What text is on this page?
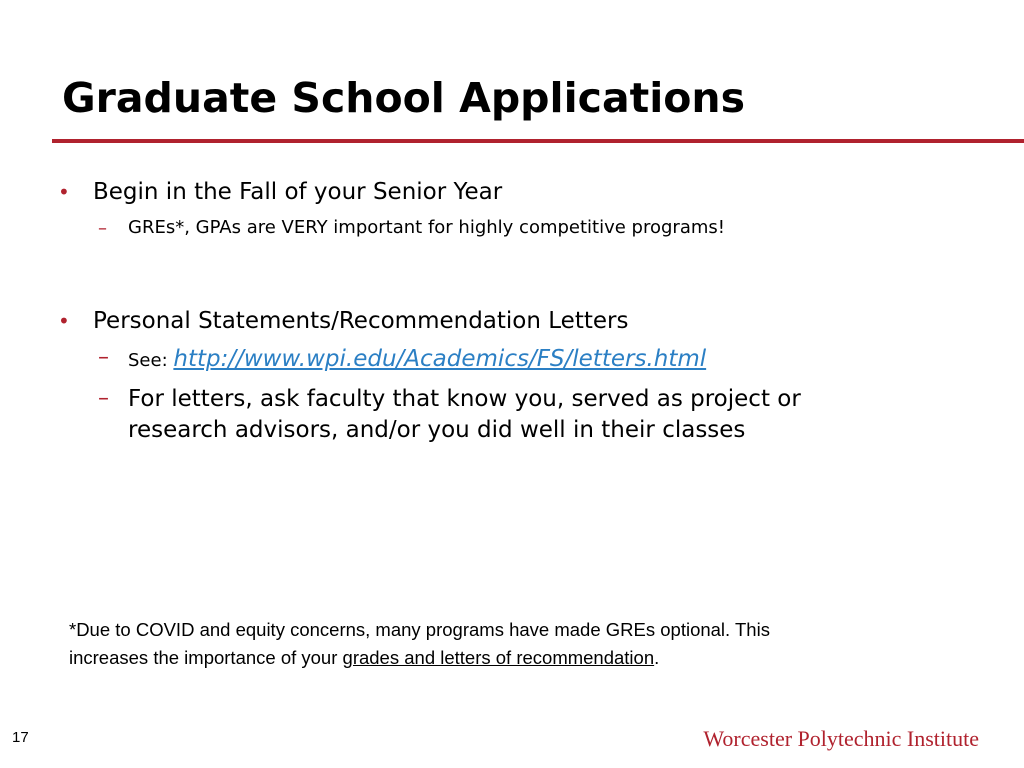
Graduate School Applications
• Begin in the Fall of your Senior Year
– GREs*, GPAs are VERY important for highly competitive programs!
• Personal Statements/Recommendation Letters
– See: http://www.wpi.edu/Academics/FS/letters.html
– For letters, ask faculty that know you, served as project or
research advisors, and/or you did well in their classes
*Due to COVID and equity concerns, many programs have made GREs optional. This
increases the importance of your grades and letters of recommendation.
17	Worcester Polytechnic Institute
